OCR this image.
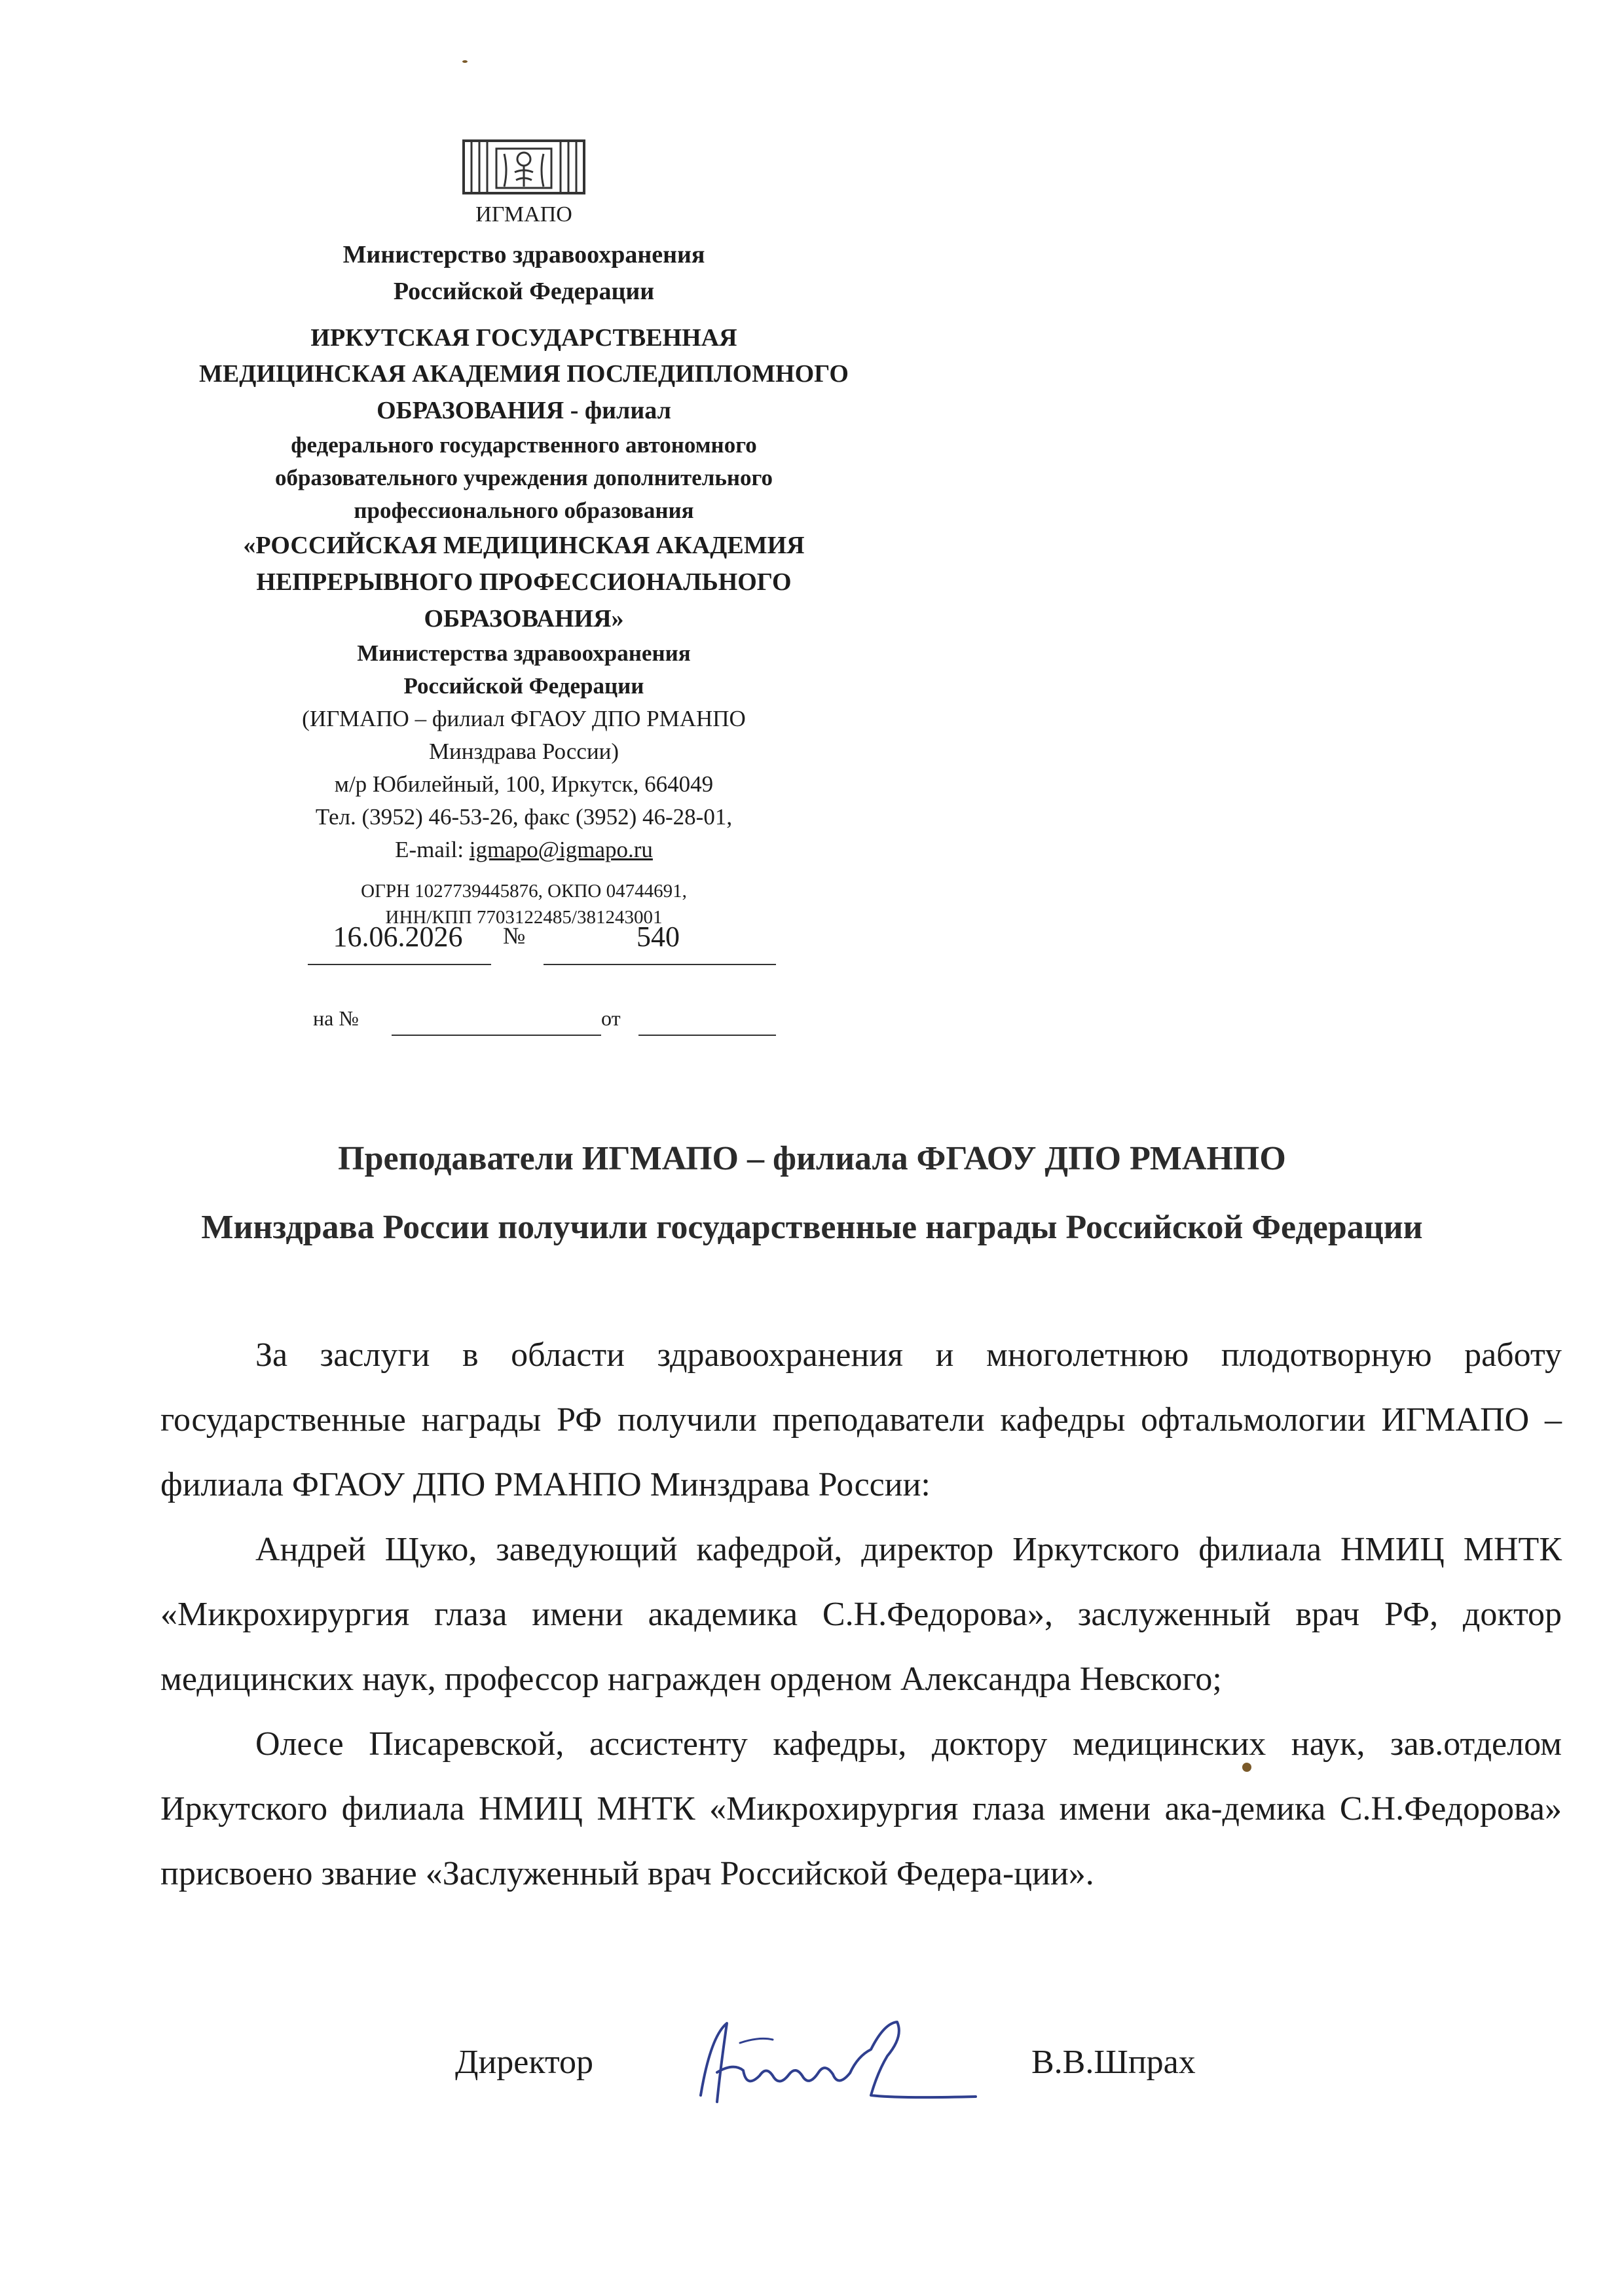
ИГМАПО
Министерство здравоохранения
Российской Федерации
ИРКУТСКАЯ ГОСУДАРСТВЕННАЯ
МЕДИЦИНСКАЯ АКАДЕМИЯ ПОСЛЕДИПЛОМНОГО
ОБРАЗОВАНИЯ - филиал
федерального государственного автономного
образовательного учреждения дополнительного
профессионального образования
«РОССИЙСКАЯ МЕДИЦИНСКАЯ АКАДЕМИЯ
НЕПРЕРЫВНОГО ПРОФЕССИОНАЛЬНОГО
ОБРАЗОВАНИЯ»
Министерства здравоохранения
Российской Федерации
(ИГМАПО – филиал ФГАОУ ДПО РМАНПО
Минздрава России)
м/р Юбилейный, 100, Иркутск, 664049
Тел. (3952) 46-53-26, факс (3952) 46-28-01,
E-mail: igmapo@igmapo.ru
ОГРН 1027739445876, ОКПО 04744691,
ИНН/КПП 7703122485/381243001
16.06.2026	№	540
на №	от
Преподаватели ИГМАПО – филиала ФГАОУ ДПО РМАНПО
Минздрава России получили государственные награды Российской Федерации

За заслуги в области здравоохранения и многолетнюю плодотворную работу государственные награды РФ получили преподаватели кафедры офтальмологии ИГМАПО – филиала ФГАОУ ДПО РМАНПО Минздрава России:

Андрей Щуко, заведующий кафедрой, директор Иркутского филиала НМИЦ МНТК «Микрохирургия глаза имени академика С.Н.Федорова», заслуженный врач РФ, доктор медицинских наук, профессор награжден орденом Александра Невского;

Олесе Писаревской, ассистенту кафедры, доктору медицинских наук, зав.отделом Иркутского филиала НМИЦ МНТК «Микрохирургия глаза имени ака-демика С.Н.Федорова» присвоено звание «Заслуженный врач Российской Федера-ции».

Директор	В.В.Шпрах
